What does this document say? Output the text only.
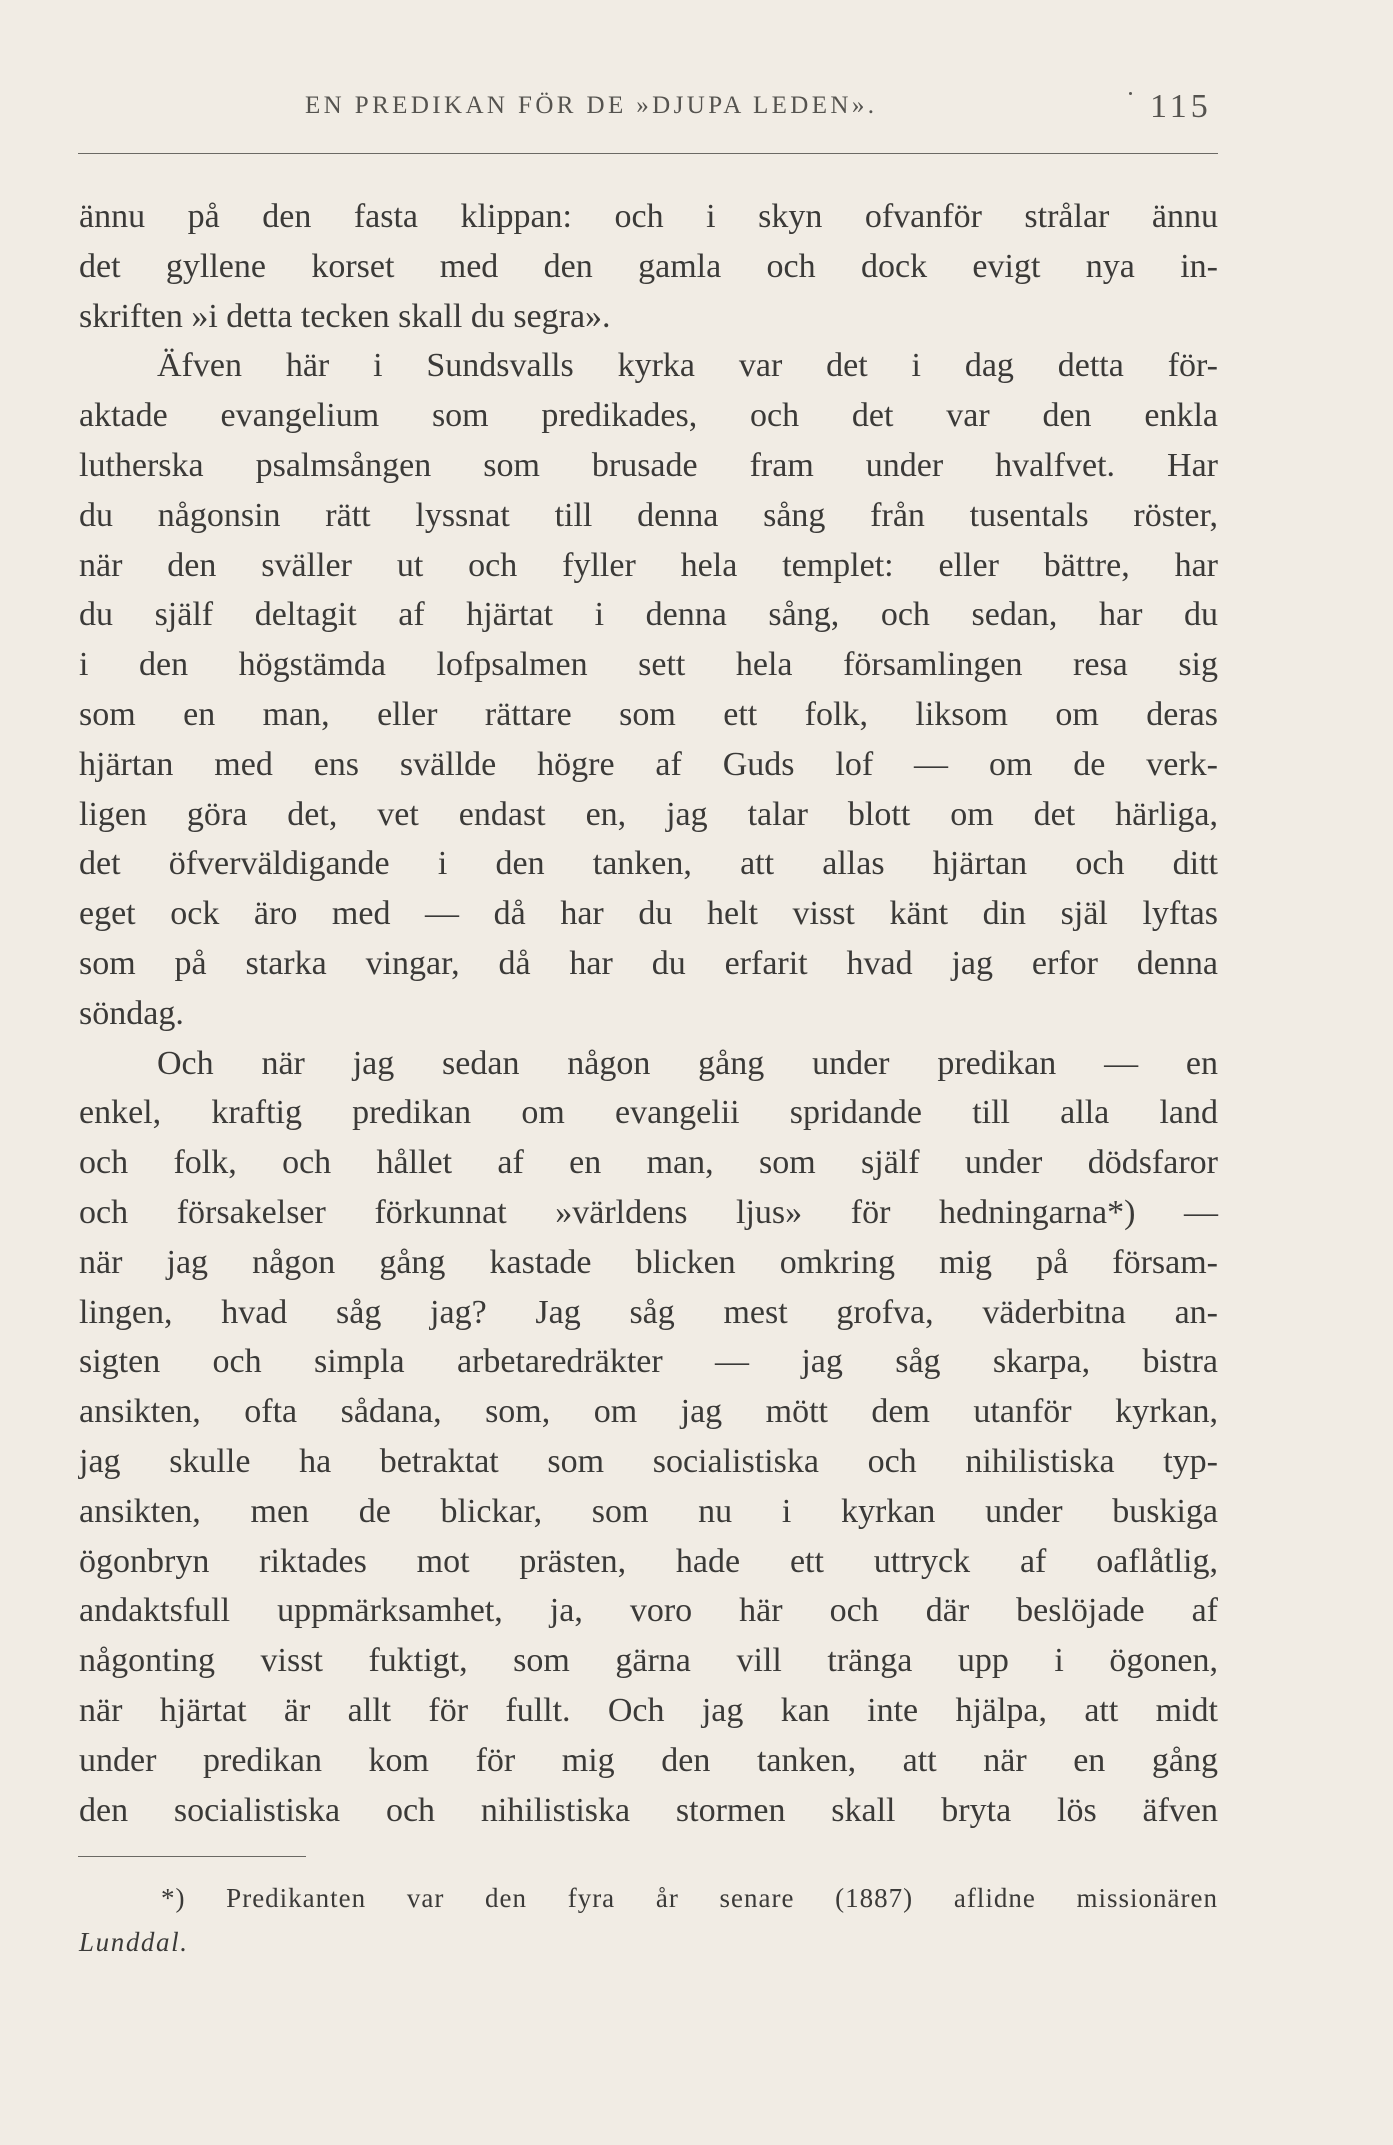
EN PREDIKAN FÖR DE »DJUPA LEDEN».	115
ännu på den fasta klippan: och i skyn ofvanför strålar ännu
det gyllene korset med den gamla och dock evigt nya in-
skriften »i detta tecken skall du segra».
Äfven här i Sundsvalls kyrka var det i dag detta för-
aktade evangelium som predikades, och det var den enkla
lutherska psalmsången som brusade fram under hvalfvet. Har
du någonsin rätt lyssnat till denna sång från tusentals röster,
när den sväller ut och fyller hela templet: eller bättre, har
du själf deltagit af hjärtat i denna sång, och sedan, har du
i den högstämda lofpsalmen sett hela församlingen resa sig
som en man, eller rättare som ett folk, liksom om deras
hjärtan med ens svällde högre af Guds lof — om de verk-
ligen göra det, vet endast en, jag talar blott om det härliga,
det öfverväldigande i den tanken, att allas hjärtan och ditt
eget ock äro med — då har du helt visst känt din själ lyftas
som på starka vingar, då har du erfarit hvad jag erfor denna
söndag.
Och när jag sedan någon gång under predikan — en
enkel, kraftig predikan om evangelii spridande till alla land
och folk, och hållet af en man, som själf under dödsfaror
och försakelser förkunnat »världens ljus» för hedningarna*) —
när jag någon gång kastade blicken omkring mig på försam-
lingen, hvad såg jag? Jag såg mest grofva, väderbitna an-
sigten och simpla arbetaredräkter — jag såg skarpa, bistra
ansikten, ofta sådana, som, om jag mött dem utanför kyrkan,
jag skulle ha betraktat som socialistiska och nihilistiska typ-
ansikten, men de blickar, som nu i kyrkan under buskiga
ögonbryn riktades mot prästen, hade ett uttryck af oaflåtlig,
andaktsfull uppmärksamhet, ja, voro här och där beslöjade af
någonting visst fuktigt, som gärna vill tränga upp i ögonen,
när hjärtat är allt för fullt. Och jag kan inte hjälpa, att midt
under predikan kom för mig den tanken, att när en gång
den socialistiska och nihilistiska stormen skall bryta lös äfven
*) Predikanten var den fyra år senare (1887) aflidne missionären
Lunddal.
